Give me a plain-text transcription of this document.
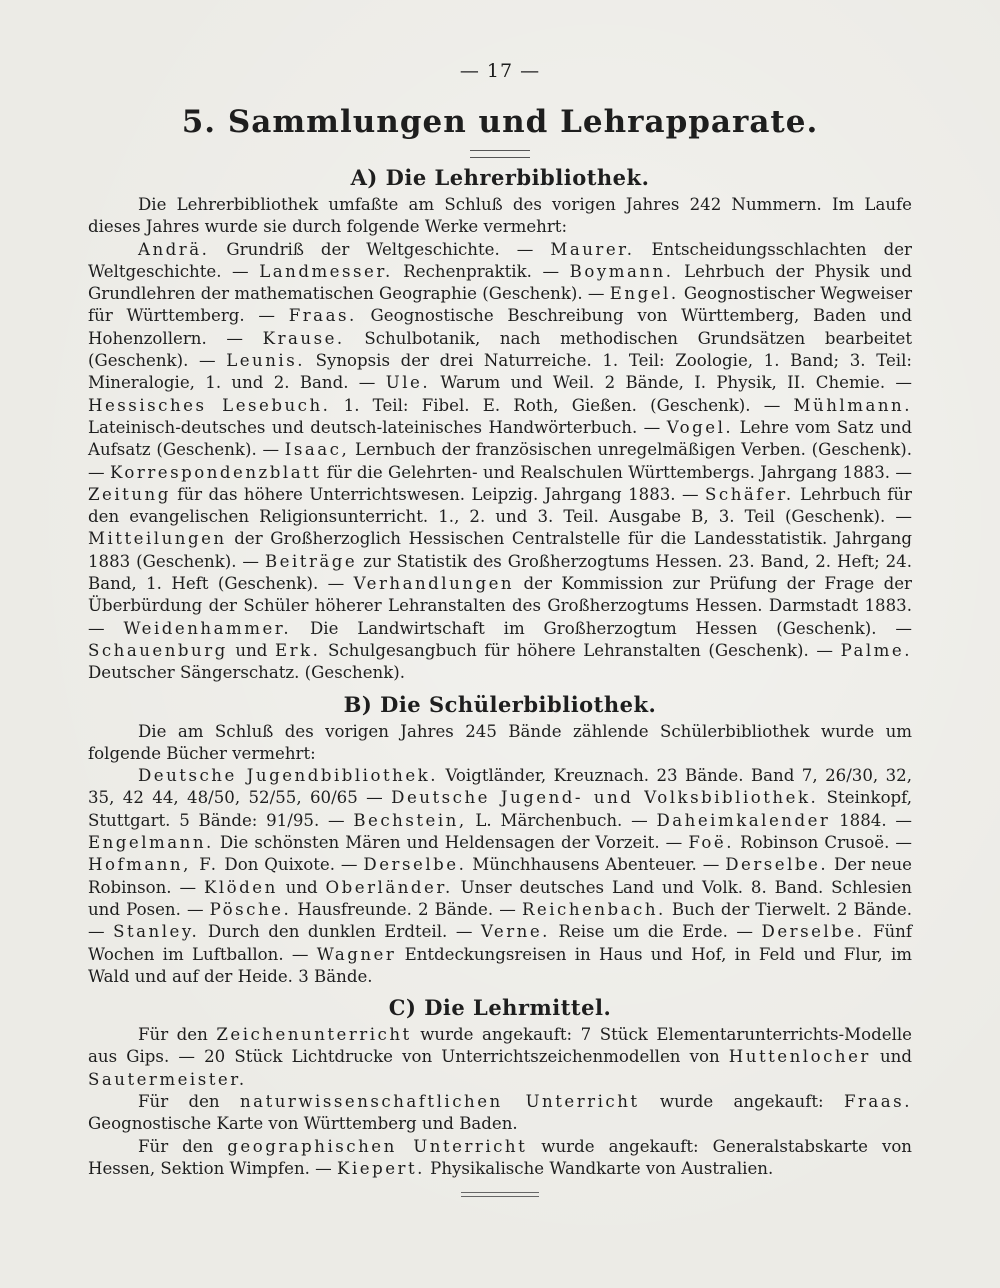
— 17 —
5. Sammlungen und Lehrapparate.
A) Die Lehrerbibliothek.

Die Lehrerbibliothek umfaßte am Schluß des vorigen Jahres 242 Nummern. Im Laufe dieses Jahres wurde sie durch folgende Werke vermehrt:

Andrä. Grundriß der Weltgeschichte. — Maurer. Entscheidungsschlachten der Weltgeschichte. — Landmesser. Rechenpraktik. — Boymann. Lehrbuch der Physik und Grundlehren der mathematischen Geographie (Geschenk). — Engel. Geognostischer Wegweiser für Württemberg. — Fraas. Geognostische Beschreibung von Württemberg, Baden und Hohenzollern. — Krause. Schulbotanik, nach methodischen Grundsätzen bearbeitet (Geschenk). — Leunis. Synopsis der drei Naturreiche. 1. Teil: Zoologie, 1. Band; 3. Teil: Mineralogie, 1. und 2. Band. — Ule. Warum und Weil. 2 Bände, I. Physik, II. Chemie. — Hessisches Lesebuch. 1. Teil: Fibel. E. Roth, Gießen. (Geschenk). — Mühlmann. Lateinisch-deutsches und deutsch-lateinisches Handwörterbuch. — Vogel. Lehre vom Satz und Aufsatz (Geschenk). — Isaac, Lernbuch der französischen unregelmäßigen Verben. (Geschenk). — Korrespondenzblatt für die Gelehrten- und Realschulen Württembergs. Jahrgang 1883. — Zeitung für das höhere Unterrichtswesen. Leipzig. Jahrgang 1883. — Schäfer. Lehrbuch für den evangelischen Religionsunterricht. 1., 2. und 3. Teil. Ausgabe B, 3. Teil (Geschenk). — Mitteilungen der Großherzoglich Hessischen Centralstelle für die Landesstatistik. Jahrgang 1883 (Geschenk). — Beiträge zur Statistik des Großherzogtums Hessen. 23. Band, 2. Heft; 24. Band, 1. Heft (Geschenk). — Verhandlungen der Kommission zur Prüfung der Frage der Überbürdung der Schüler höherer Lehranstalten des Großherzogtums Hessen. Darmstadt 1883. — Weidenhammer. Die Landwirtschaft im Großherzogtum Hessen (Geschenk). — Schauenburg und Erk. Schulgesangbuch für höhere Lehranstalten (Geschenk). — Palme. Deutscher Sängerschatz. (Geschenk).

B) Die Schülerbibliothek.

Die am Schluß des vorigen Jahres 245 Bände zählende Schülerbibliothek wurde um folgende Bücher vermehrt:

Deutsche Jugendbibliothek. Voigtländer, Kreuznach. 23 Bände. Band 7, 26/30, 32, 35, 42 44, 48/50, 52/55, 60/65 — Deutsche Jugend- und Volksbibliothek. Steinkopf, Stuttgart. 5 Bände: 91/95. — Bechstein, L. Märchenbuch. — Daheimkalender 1884. — Engelmann. Die schönsten Mären und Heldensagen der Vorzeit. — Foë. Robinson Crusoë. — Hofmann, F. Don Quixote. — Derselbe. Münchhausens Abenteuer. — Derselbe. Der neue Robinson. — Klöden und Oberländer. Unser deutsches Land und Volk. 8. Band. Schlesien und Posen. — Pösche. Hausfreunde. 2 Bände. — Reichenbach. Buch der Tierwelt. 2 Bände. — Stanley. Durch den dunklen Erdteil. — Verne. Reise um die Erde. — Derselbe. Fünf Wochen im Luftballon. — Wagner Entdeckungsreisen in Haus und Hof, in Feld und Flur, im Wald und auf der Heide. 3 Bände.

C) Die Lehrmittel.

Für den Zeichenunterricht wurde angekauft: 7 Stück Elementarunterrichts-Modelle aus Gips. — 20 Stück Lichtdrucke von Unterrichtszeichenmodellen von Huttenlocher und Sautermeister.

Für den naturwissenschaftlichen Unterricht wurde angekauft: Fraas. Geognostische Karte von Württemberg und Baden.

Für den geographischen Unterricht wurde angekauft: Generalstabskarte von Hessen, Sektion Wimpfen. — Kiepert. Physikalische Wandkarte von Australien.
